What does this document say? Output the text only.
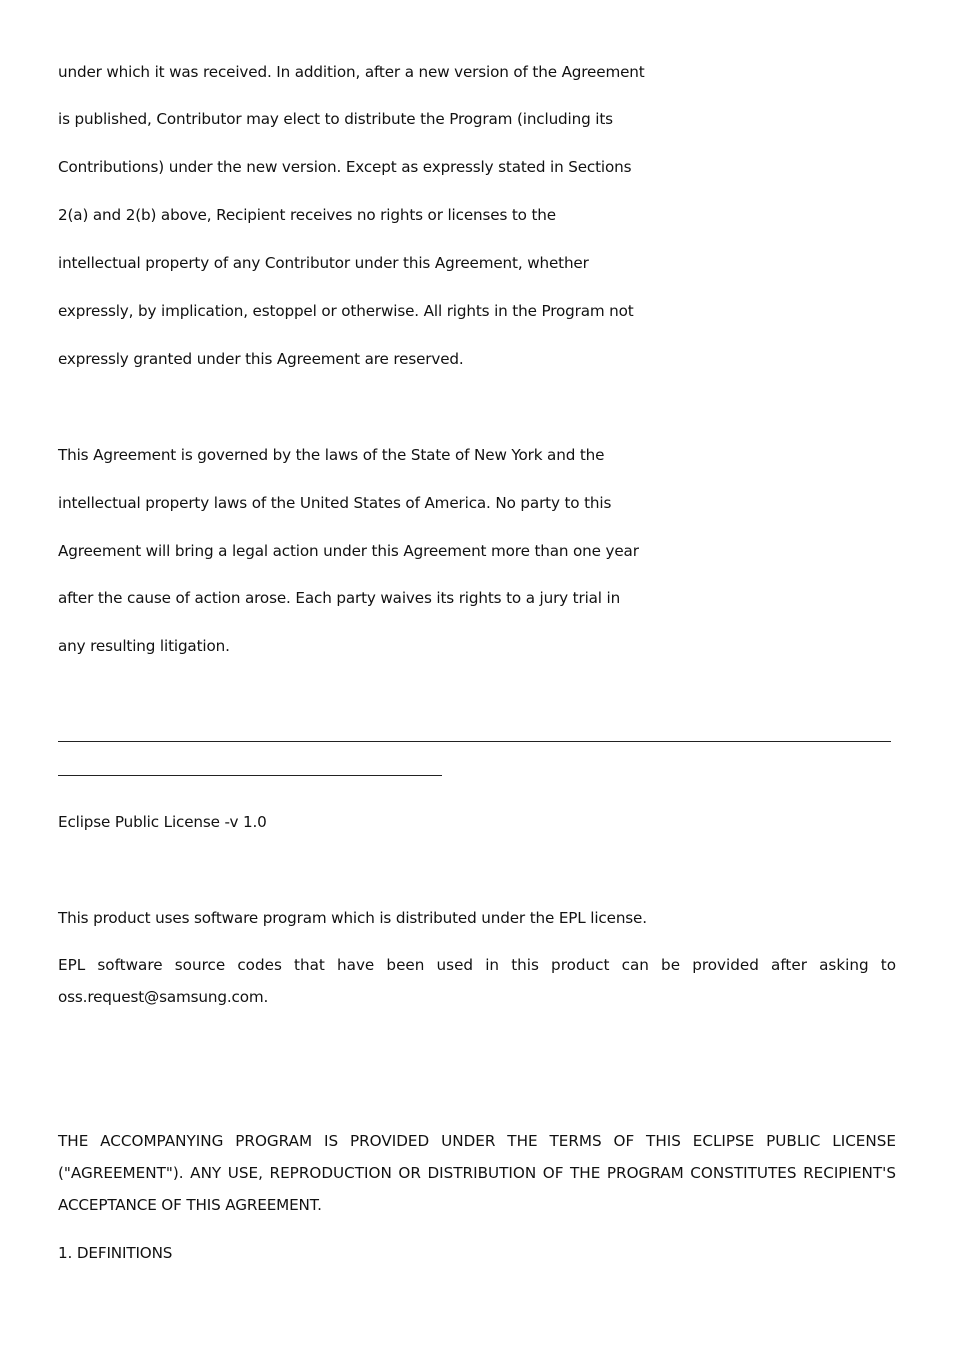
under which it was received. In addition, after a new version of the Agreement
is published, Contributor may elect to distribute the Program (including its
Contributions) under the new version. Except as expressly stated in Sections
2(a) and 2(b) above, Recipient receives no rights or licenses to the
intellectual property of any Contributor under this Agreement, whether
expressly, by implication, estoppel or otherwise. All rights in the Program not
expressly granted under this Agreement are reserved.
This Agreement is governed by the laws of the State of New York and the
intellectual property laws of the United States of America. No party to this
Agreement will bring a legal action under this Agreement more than one year
after the cause of action arose. Each party waives its rights to a jury trial in
any resulting litigation.
Eclipse Public License -v 1.0
This product uses software program which is distributed under the EPL license.
EPL software source codes that have been used in this product can be provided after asking to
oss.request@samsung.com.
THE ACCOMPANYING PROGRAM IS PROVIDED UNDER THE TERMS OF THIS ECLIPSE PUBLIC LICENSE
("AGREEMENT"). ANY USE, REPRODUCTION OR DISTRIBUTION OF THE PROGRAM CONSTITUTES RECIPIENT'S
ACCEPTANCE OF THIS AGREEMENT.
1. DEFINITIONS
